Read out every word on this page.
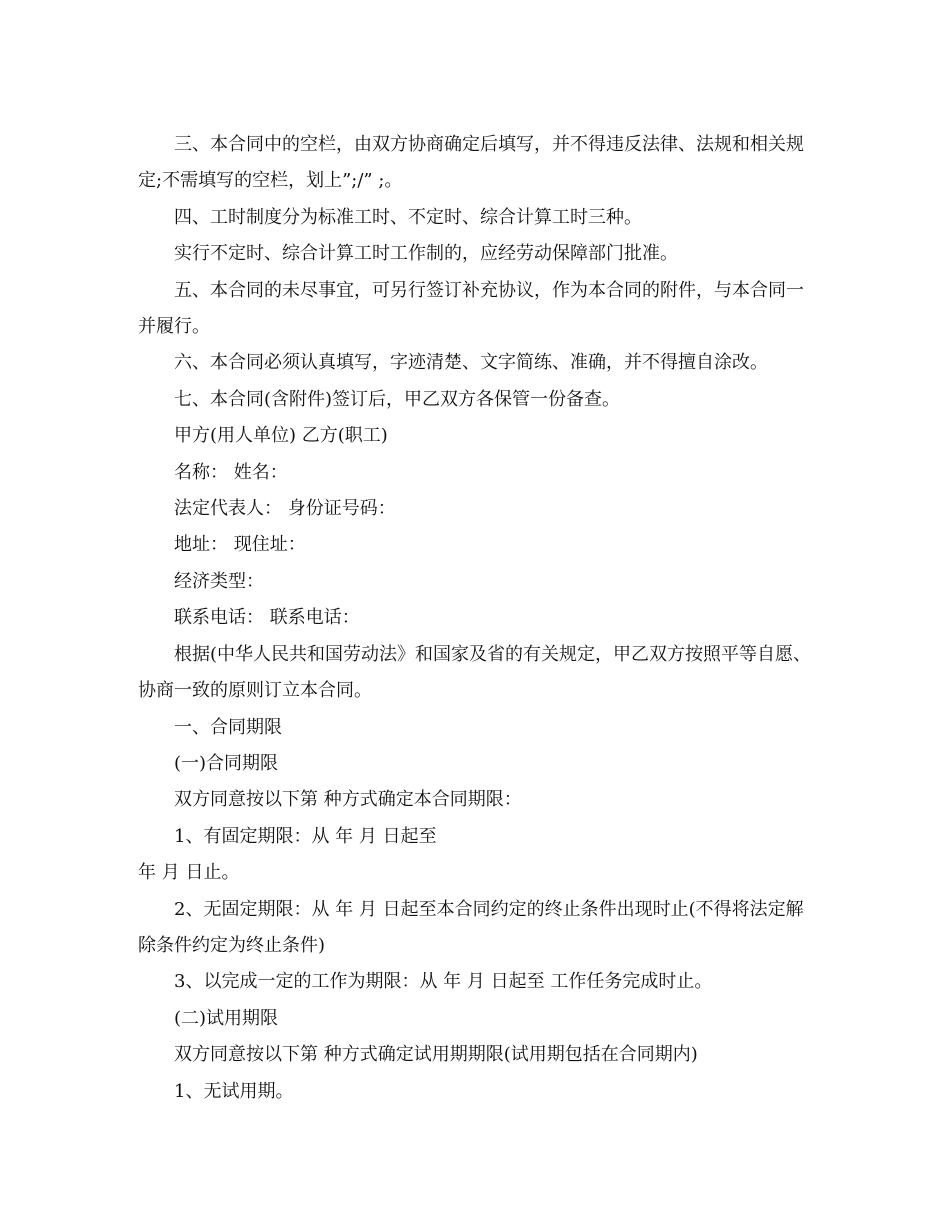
三、本合同中的空栏，由双方协商确定后填写，并不得违反法律、法规和相关规定;不需填写的空栏，划上”;/” ;。

四、工时制度分为标准工时、不定时、综合计算工时三种。

实行不定时、综合计算工时工作制的，应经劳动保障部门批准。

五、本合同的未尽事宜，可另行签订补充协议，作为本合同的附件，与本合同一并履行。

六、本合同必须认真填写，字迹清楚、文字简练、准确，并不得擅自涂改。

七、本合同(含附件)签订后，甲乙双方各保管一份备查。

甲方(用人单位) 乙方(职工)

名称： 姓名：

法定代表人： 身份证号码：

地址： 现住址：

经济类型：

联系电话： 联系电话：

根据(中华人民共和国劳动法》和国家及省的有关规定，甲乙双方按照平等自愿、协商一致的原则订立本合同。

一、合同期限

(一)合同期限

双方同意按以下第 种方式确定本合同期限：

1、有固定期限：从 年 月 日起至

年 月 日止。

2、无固定期限：从 年 月 日起至本合同约定的终止条件出现时止(不得将法定解除条件约定为终止条件)

3、以完成一定的工作为期限：从 年 月 日起至 工作任务完成时止。

(二)试用期限

双方同意按以下第 种方式确定试用期期限(试用期包括在合同期内)

1、无试用期。
